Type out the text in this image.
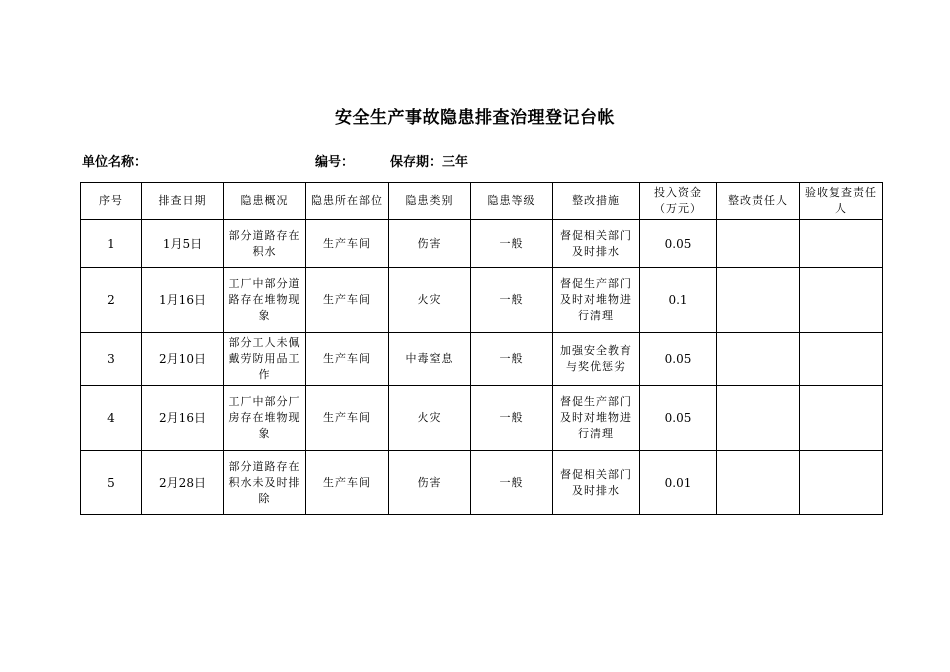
安全生产事故隐患排查治理登记台帐
单位名称：	编号：	保存期：三年
序号	排查日期	隐患概况	隐患所在部位	隐患类别	隐患等级	整改措施	投入资金（万元）	整改责任人	验收复查责任人
1	1月5日	部分道路存在积水	生产车间	伤害	一般	督促相关部门及时排水	0.05		
2	1月16日	工厂中部分道路存在堆物现象	生产车间	火灾	一般	督促生产部门及时对堆物进行清理	0.1		
3	2月10日	部分工人未佩戴劳防用品工作	生产车间	中毒窒息	一般	加强安全教育与奖优惩劣	0.05		
4	2月16日	工厂中部分厂房存在堆物现象	生产车间	火灾	一般	督促生产部门及时对堆物进行清理	0.05		
5	2月28日	部分道路存在积水未及时排除	生产车间	伤害	一般	督促相关部门及时排水	0.01		
